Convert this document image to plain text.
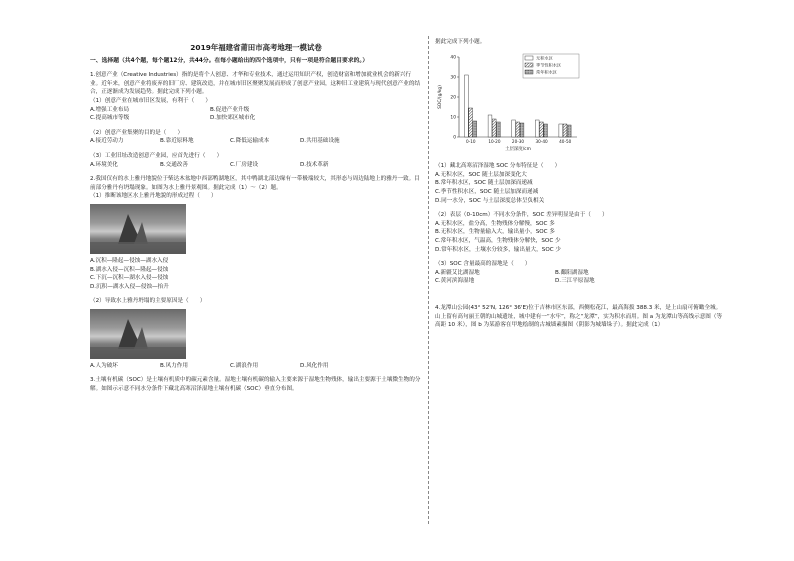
2019年福建省莆田市高考地理一模试卷

一、选择题（共4个题，每个题12分，共44分。在每小题给出的四个选项中，只有一项是符合题目要求的。）

1.创意产业（Creative Industries）指的是将个人创意、才华和专业技术，通过运用知识产权，创造财富和增加就业机会的新兴行业。近年来，创意产业将废弃的旧厂房、建筑改造，并在城市旧区聚聚发展而形成了创意产业园，这种旧工业建筑与现代创意产业的结合，正逐渐成为发展趋势。据此完成下列小题。

（1）创意产业在城市旧区发展，有利于（　　）

A.增强工业布局	B.促进产业升级
C.提高城市等级	D.加快郊区城市化

（2）创意产业集聚的目的是（　　）

A.接近劳动力	B.靠近原料地	C.降低运输成本	D.共用基础设施

（3）工业旧址改造创意产业园，应首先进行（　　）

A.环境美化	B.交通改善	C.厂房建设	D.技术革新

2.我国仅有的水上雅丹地貌位于柴达木盆地中西部鸭湖地区，其中鸭湖北部边缘有一带极端较大，其形态与周边陆地上的雅丹一致。目前部分雅丹有坍塌现象。如图为水上雅丹景观图。据此完成（1）～（2）题。

（1）推断该地区水上雅丹地貌的形成过程（　　）

A.沉积—隆起—侵蚀—湖水入侵

B.湖水入侵—沉积—隆起—侵蚀

C.下沉—沉积—湖水入侵—侵蚀

D.沉积—湖水入侵—侵蚀—抬升

（2）导致水上雅丹坍塌的主要原因是（　　）

A.人为破坏	B.风力作用	C.湖浪作用	D.风化作用

3.土壤有机碳（SOC）是土壤有机质中的碳元素含量。湿地土壤有机碳的输入主要来源于湿地生物残体，输出主要源于土壤微生物的分解。如图示示意不同水分条件下藏北高寒沼泽湿地土壤有机碳（SOC）垂直分布图。

据此完成下列小题。

0
10
20
30
40
SOC/(g/kg)
土层深度/cm
0-10	10-20	20-30	30-40	40-50
无积水区
季节性积水区
常年积水区

（1）藏北高寒沼泽湿地 SOC 分布特征是（　　）

A.无积水区，SOC 随土层加深变化大

B.常年积水区，SOC 随土层加深而递减

C.季节性积水区，SOC 随土层加深而递减

D.同一水分，SOC 与土层深度总体呈负相关

（2）表层（0-10cm）不同水分条件，SOC 差异明显是由于（　　）

A.无积水区，盐分高，生物残体分解慢，SOC 多

B.无积水区，生物量输入大，输出量小，SOC 多

C.常年积水区，气温高，生物残体分解快，SOC 少

D.常年积水区，土壤水分较多，输出量大，SOC 少

（3）SOC 含量最高的湿地是（　　）

A.新疆艾比湖湿地	B.鄱阳湖湿地
C.黄河滨海湿地	D.三江平原湿地

4.龙潭山公园(43° 52'N, 126° 36'E)位于吉林市区东部，西侧松花江，最高海拔 388.3 米，是上山扇可俯瞰全城。山上留有高句丽王朝的山城遗址，城中建有一“水牢”，称之“龙潭”，实为积水而用。图 a 为龙潭山等高线示意图（等高距 10 米），图 b 为某游客在甲地绘制的古城墙素描图（阴影为城墙垛子）。据此完成（1）
